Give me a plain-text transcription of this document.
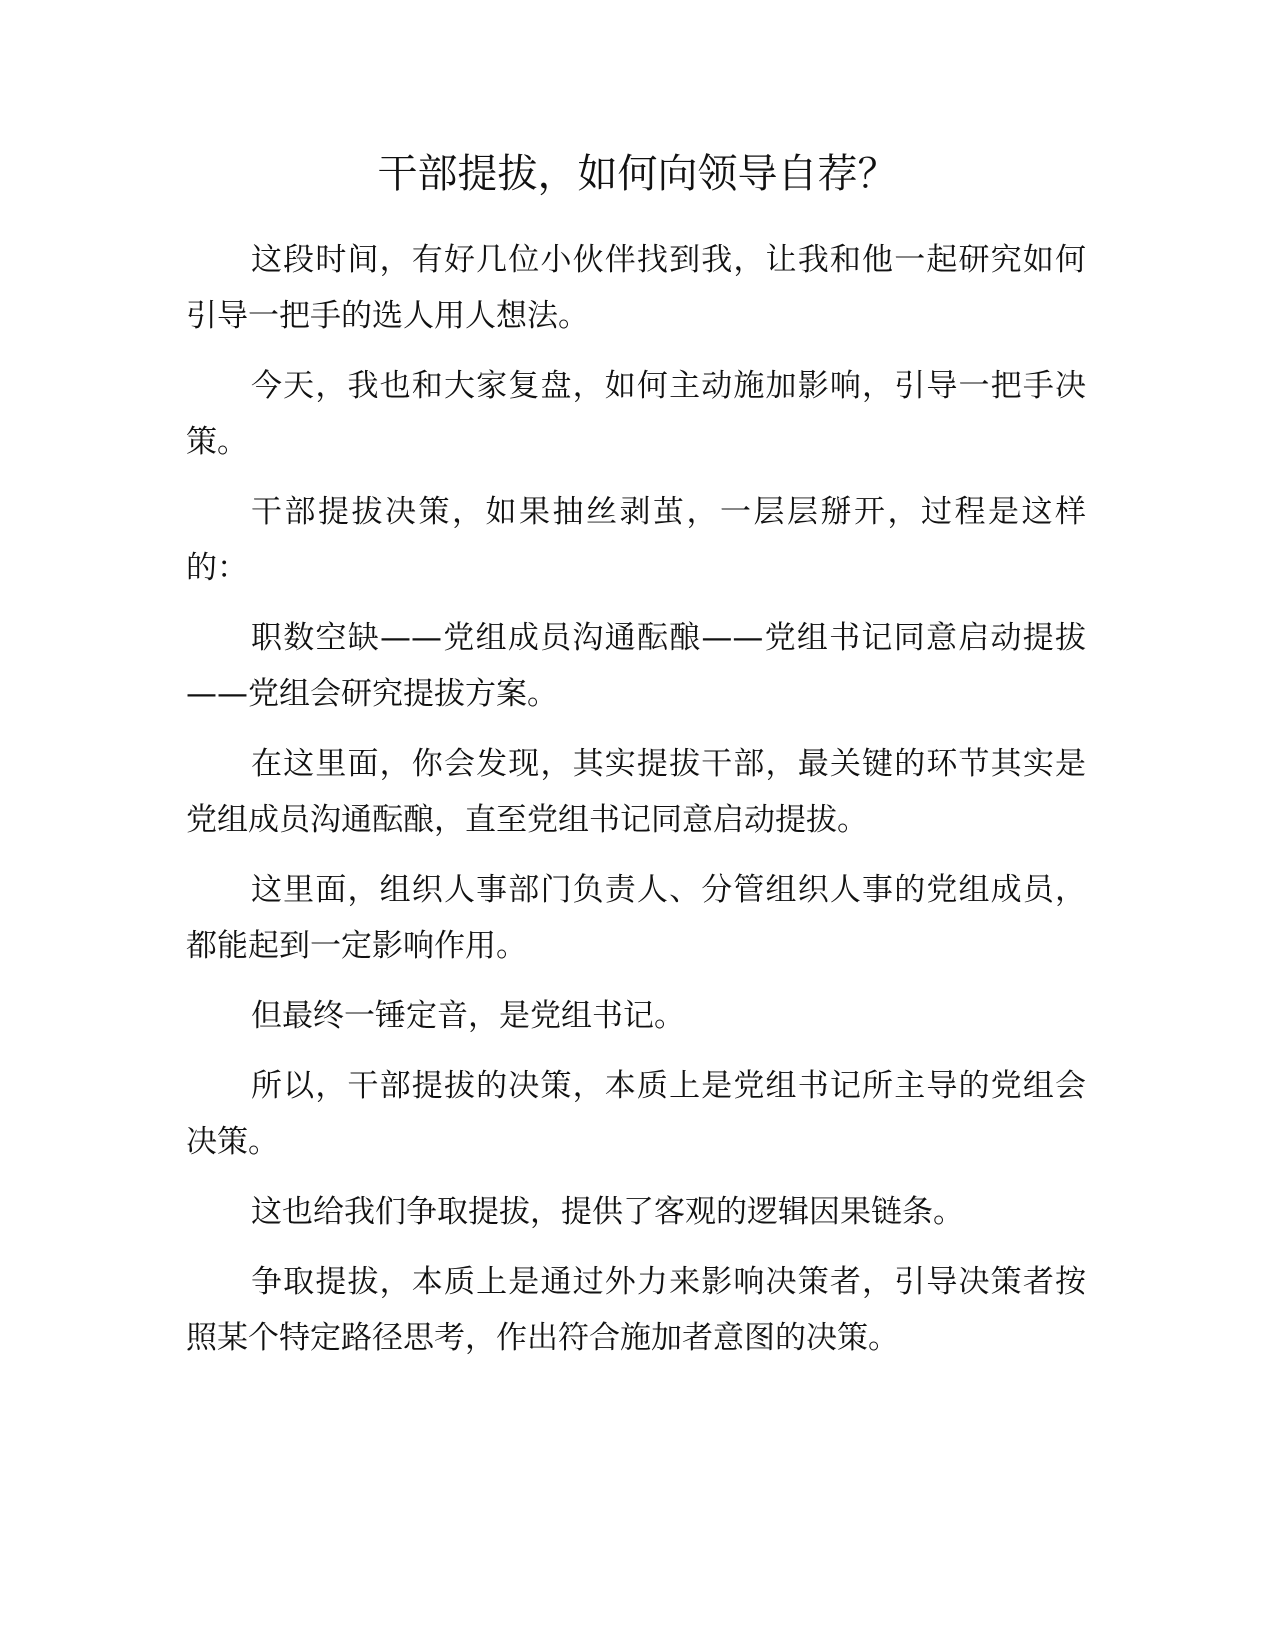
干部提拔，如何向领导自荐？

这段时间，有好几位小伙伴找到我，让我和他一起研究如何引导一把手的选人用人想法。

今天，我也和大家复盘，如何主动施加影响，引导一把手决策。

干部提拔决策，如果抽丝剥茧，一层层掰开，过程是这样的：

职数空缺——党组成员沟通酝酿——党组书记同意启动提拔——党组会研究提拔方案。

在这里面，你会发现，其实提拔干部，最关键的环节其实是党组成员沟通酝酿，直至党组书记同意启动提拔。

这里面，组织人事部门负责人、分管组织人事的党组成员，都能起到一定影响作用。

但最终一锤定音，是党组书记。

所以，干部提拔的决策，本质上是党组书记所主导的党组会决策。

这也给我们争取提拔，提供了客观的逻辑因果链条。

争取提拔，本质上是通过外力来影响决策者，引导决策者按照某个特定路径思考，作出符合施加者意图的决策。
